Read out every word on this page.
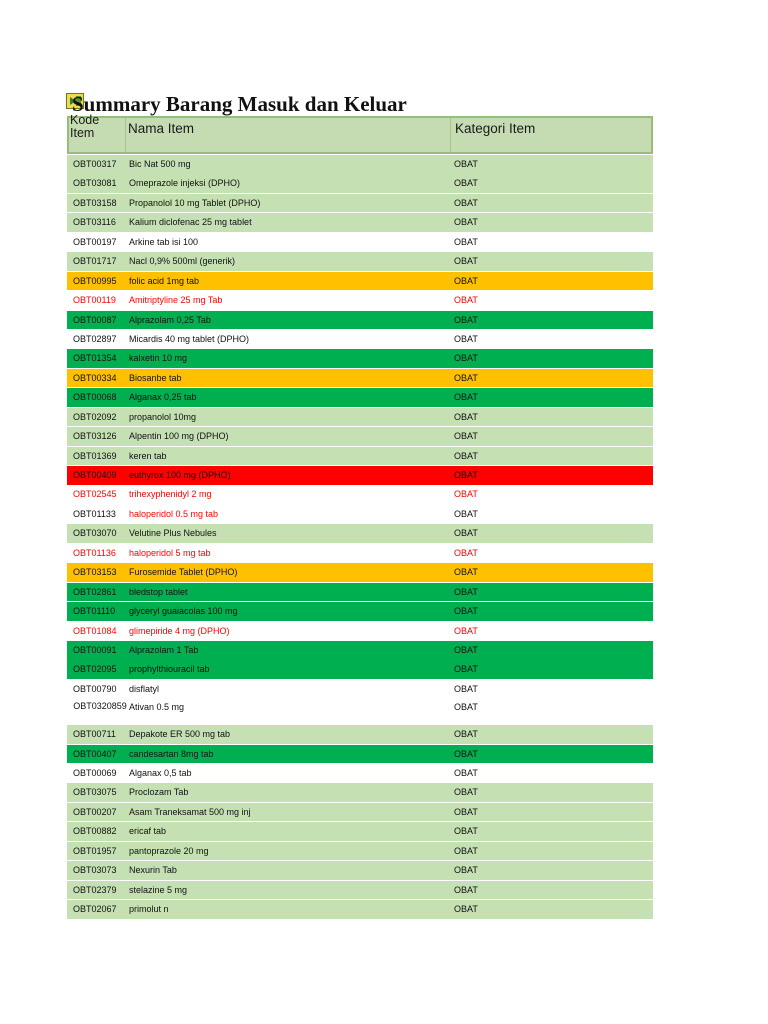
Summary Barang Masuk dan Keluar
Kode Item	Nama Item	Kategori Item
OBT00317 Bic Nat 500 mg	OBAT
OBT03081 Omeprazole injeksi (DPHO)	OBAT
OBT03158 Propanolol 10 mg Tablet (DPHO)	OBAT
OBT03116 Kalium diclofenac 25 mg tablet	OBAT
OBT00197 Arkine tab isi 100	OBAT
OBT01717 Nacl 0,9% 500ml (generik)	OBAT
OBT00995 folic acid 1mg tab	OBAT
OBT00119 Amitriptyline 25 mg Tab	OBAT
OBT00087 Alprazolam 0,25 Tab	OBAT
OBT02897 Micardis 40 mg tablet (DPHO)	OBAT
OBT01354 kalxetin 10 mg	OBAT
OBT00334 Biosanbe tab	OBAT
OBT00068 Alganax 0,25 tab	OBAT
OBT02092 propanolol 10mg	OBAT
OBT03126 Alpentin 100 mg (DPHO)	OBAT
OBT01369 keren tab	OBAT
OBT00409 euthyrox 100 mg (DPHO)	OBAT
OBT02545 trihexyphenidyl 2 mg	OBAT
OBT01133 haloperidol 0.5 mg tab	OBAT
OBT03070 Velutine Plus Nebules	OBAT
OBT01136 haloperidol 5 mg tab	OBAT
OBT03153 Furosemide Tablet (DPHO)	OBAT
OBT02861 bledstop tablet	OBAT
OBT01110 glyceryl guaiacolas 100 mg	OBAT
OBT01084 glimepiride 4 mg (DPHO)	OBAT
OBT00091 Alprazolam 1 Tab	OBAT
OBT02095 prophylthiouracil tab	OBAT
OBT00790 disflatyl	OBAT
OBT0320859 Ativan 0.5 mg	OBAT
OBT00711 Depakote ER 500 mg tab	OBAT
OBT00407 candesartan 8mg tab	OBAT
OBT00069 Alganax 0,5 tab	OBAT
OBT03075 Proclozam Tab	OBAT
OBT00207 Asam Traneksamat 500 mg inj	OBAT
OBT00882 ericaf tab	OBAT
OBT01957 pantoprazole 20 mg	OBAT
OBT03073 Nexurin Tab	OBAT
OBT02379 stelazine 5 mg	OBAT
OBT02067 primolut n	OBAT
